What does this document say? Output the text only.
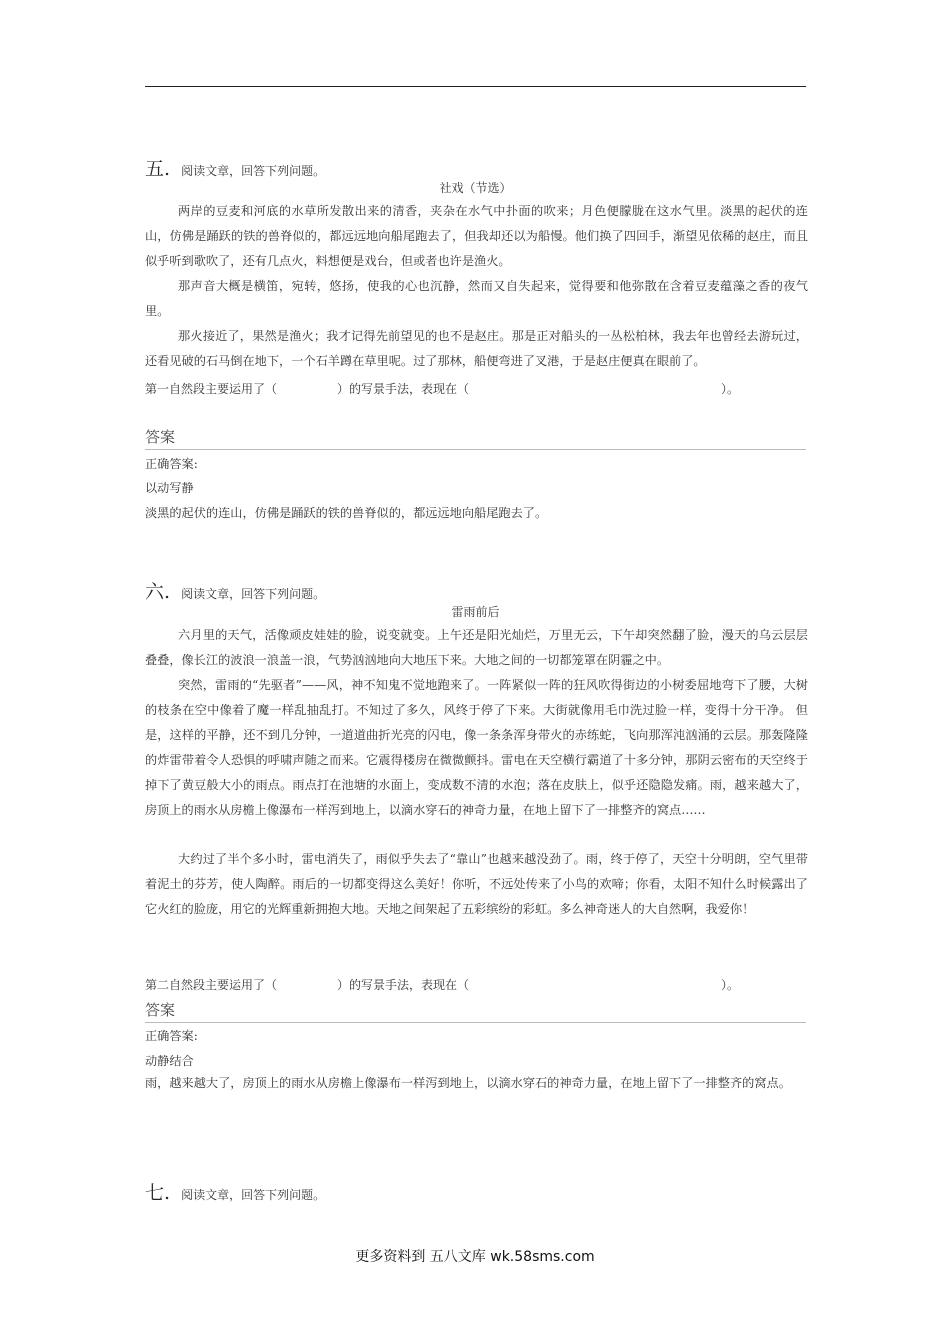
五. 阅读文章，回答下列问题。
社戏（节选）

两岸的豆麦和河底的水草所发散出来的清香，夹杂在水气中扑面的吹来；月色便朦胧在这水气里。淡黑的起伏的连山，仿佛是踊跃的铁的兽脊似的，都远远地向船尾跑去了，但我却还以为船慢。他们换了四回手，渐望见依稀的赵庄，而且似乎听到歌吹了，还有几点火，料想便是戏台，但或者也许是渔火。

那声音大概是横笛，宛转，悠扬，使我的心也沉静，然而又自失起来，觉得要和他弥散在含着豆麦蕴藻之香的夜气里。

那火接近了，果然是渔火；我才记得先前望见的也不是赵庄。那是正对船头的一丛松柏林，我去年也曾经去游玩过，还看见破的石马倒在地下，一个石羊蹲在草里呢。过了那林，船便弯进了叉港，于是赵庄便真在眼前了。

第一自然段主要运用了（　　　　　）的写景手法，表现在（　　　　　　　　　　　　　　　　　　　　　）。
答案
正确答案:
以动写静
淡黑的起伏的连山，仿佛是踊跃的铁的兽脊似的，都远远地向船尾跑去了。
六. 阅读文章，回答下列问题。
雷雨前后

六月里的天气，活像顽皮娃娃的脸，说变就变。上午还是阳光灿烂，万里无云，下午却突然翻了脸，漫天的乌云层层叠叠，像长江的波浪一浪盖一浪，气势汹汹地向大地压下来。大地之间的一切都笼罩在阴霾之中。

突然，雷雨的“先驱者”——风，神不知鬼不觉地跑来了。一阵紧似一阵的狂风吹得街边的小树委屈地弯下了腰，大树的枝条在空中像着了魔一样乱抽乱打。不知过了多久，风终于停了下来。大街就像用毛巾洗过脸一样，变得十分干净。 但是，这样的平静，还不到几分钟，一道道曲折光亮的闪电，像一条条浑身带火的赤练蛇，飞向那浑沌汹涌的云层。那轰隆隆的炸雷带着令人恐惧的呼啸声随之而来。它震得楼房在微微颤抖。雷电在天空横行霸道了十多分钟，那阴云密布的天空终于掉下了黄豆般大小的雨点。雨点打在池塘的水面上，变成数不清的水泡；落在皮肤上，似乎还隐隐发痛。雨，越来越大了，房顶上的雨水从房檐上像瀑布一样泻到地上，以滴水穿石的神奇力量，在地上留下了一排整齐的窝点……

大约过了半个多小时，雷电消失了，雨似乎失去了“靠山”也越来越没劲了。雨，终于停了，天空十分明朗，空气里带着泥土的芬芳，使人陶醉。雨后的一切都变得这么美好！你听，不远处传来了小鸟的欢啼；你看，太阳不知什么时候露出了它火红的脸庞，用它的光辉重新拥抱大地。天地之间架起了五彩缤纷的彩虹。多么神奇迷人的大自然啊，我爱你！

第二自然段主要运用了（　　　　　）的写景手法，表现在（　　　　　　　　　　　　　　　　　　　　　）。
答案
正确答案:
动静结合

雨，越来越大了，房顶上的雨水从房檐上像瀑布一样泻到地上，以滴水穿石的神奇力量，在地上留下了一排整齐的窝点。

七. 阅读文章，回答下列问题。
更多资料到 五八文库 wk.58sms.com
